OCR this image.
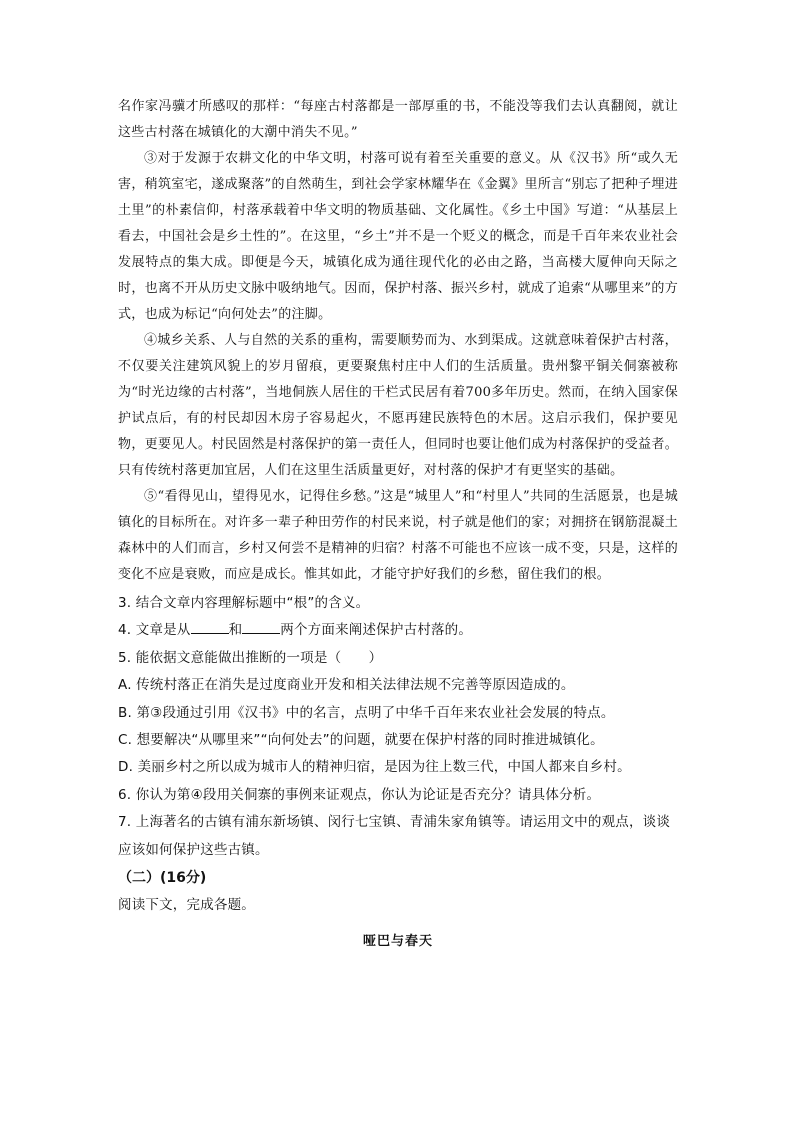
名作家冯骥才所感叹的那样：“每座古村落都是一部厚重的书，不能没等我们去认真翻阅，就让这些古村落在城镇化的大潮中消失不见。”

③对于发源于农耕文化的中华文明，村落可说有着至关重要的意义。从《汉书》所“或久无害，稍筑室宅，遂成聚落”的自然萌生，到社会学家林耀华在《金翼》里所言“别忘了把种子埋进土里”的朴素信仰，村落承载着中华文明的物质基础、文化属性。《乡土中国》写道：“从基层上看去，中国社会是乡土性的”。在这里，“乡土”并不是一个贬义的概念，而是千百年来农业社会发展特点的集大成。即便是今天，城镇化成为通往现代化的必由之路，当高楼大厦伸向天际之时，也离不开从历史文脉中吸纳地气。因而，保护村落、振兴乡村，就成了追索“从哪里来”的方式，也成为标记“向何处去”的注脚。

④城乡关系、人与自然的关系的重构，需要顺势而为、水到渠成。这就意味着保护古村落，不仅要关注建筑风貌上的岁月留痕，更要聚焦村庄中人们的生活质量。贵州黎平铜关侗寨被称为“时光边缘的古村落”，当地侗族人居住的干栏式民居有着700多年历史。然而，在纳入国家保护试点后，有的村民却因木房子容易起火，不愿再建民族特色的木居。这启示我们，保护要见物，更要见人。村民固然是村落保护的第一责任人，但同时也要让他们成为村落保护的受益者。只有传统村落更加宜居，人们在这里生活质量更好，对村落的保护才有更坚实的基础。

⑤“看得见山，望得见水，记得住乡愁。”这是“城里人”和“村里人”共同的生活愿景，也是城镇化的目标所在。对许多一辈子种田劳作的村民来说，村子就是他们的家；对拥挤在钢筋混凝土森林中的人们而言，乡村又何尝不是精神的归宿？村落不可能也不应该一成不变，只是，这样的变化不应是衰败，而应是成长。惟其如此，才能守护好我们的乡愁，留住我们的根。

3. 结合文章内容理解标题中“根”的含义。

4. 文章是从	和	两个方面来阐述保护古村落的。

5. 能依据文意能做出推断的一项是（　　）

A. 传统村落正在消失是过度商业开发和相关法律法规不完善等原因造成的。

B. 第③段通过引用《汉书》中的名言，点明了中华千百年来农业社会发展的特点。

C. 想要解决“从哪里来”“向何处去”的问题，就要在保护村落的同时推进城镇化。

D. 美丽乡村之所以成为城市人的精神归宿，是因为往上数三代，中国人都来自乡村。

6. 你认为第④段用关侗寨的事例来证观点，你认为论证是否充分？请具体分析。

7. 上海著名的古镇有浦东新场镇、闵行七宝镇、青浦朱家角镇等。请运用文中的观点，谈谈应该如何保护这些古镇。

（二）(16分)

阅读下文，完成各题。

哑巴与春天
